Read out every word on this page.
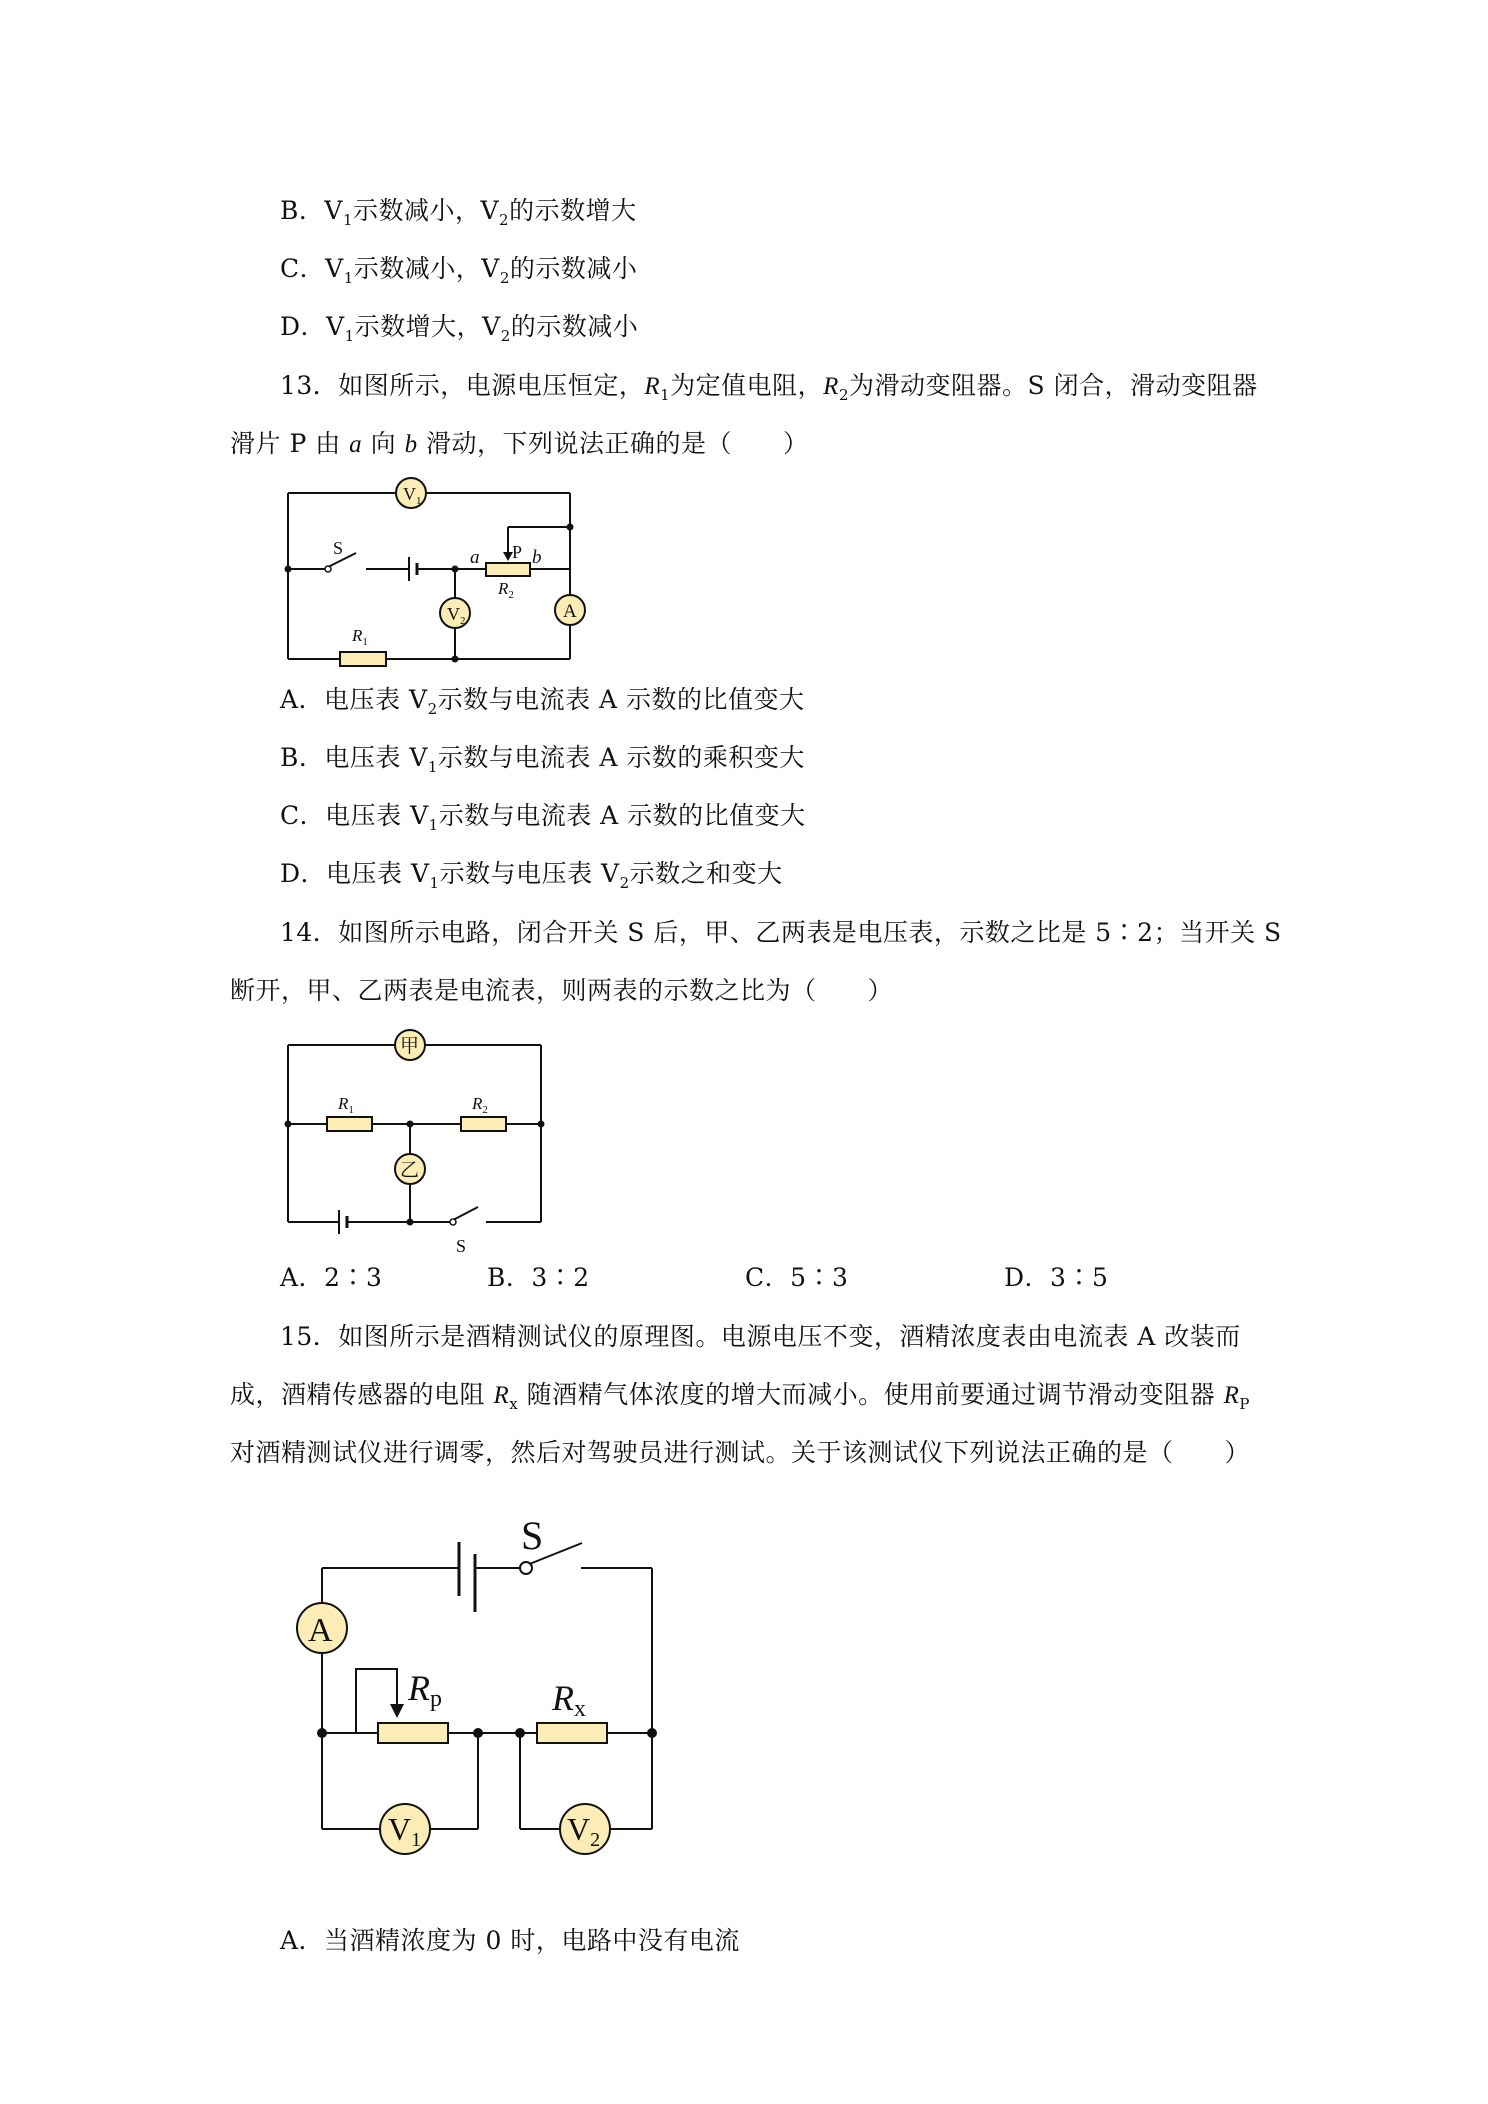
B．$V_1$示数减小，$V_2$的示数增大
C．$V_1$示数减小，$V_2$的示数减小
D．$V_1$示数增大，$V_2$的示数减小
13．如图所示，电源电压恒定，$R_1$为定值电阻，$R_2$为滑动变阻器。S 闭合，滑动变阻器
滑片 P 由 a 向 b 滑动，下列说法正确的是（　　）
$V_1$
$V_2$	A
S	P
a	b
$R_2$
$R_1$
A．电压表 $V_2$示数与电流表 A 示数的比值变大
B．电压表 $V_1$示数与电流表 A 示数的乘积变大
C．电压表 $V_1$示数与电流表 A 示数的比值变大
D．电压表 $V_1$示数与电压表 $V_2$示数之和变大
14．如图所示电路，闭合开关 S 后，甲、乙两表是电压表，示数之比是 5∶2；当开关 S
断开，甲、乙两表是电流表，则两表的示数之比为（　　）
甲
乙
$R_1$	$R_2$
S
A．2∶3	B．3∶2	C．5∶3	D．3∶5
15．如图所示是酒精测试仪的原理图。电源电压不变，酒精浓度表由电流表 A 改装而
成，酒精传感器的电阻 $R_x$ 随酒精气体浓度的增大而减小。使用前要通过调节滑动变阻器 $R_P$
对酒精测试仪进行调零，然后对驾驶员进行测试。关于该测试仪下列说法正确的是（　　）
A
V1	V2
S
Rp	Rx
A．当酒精浓度为 0 时，电路中没有电流
